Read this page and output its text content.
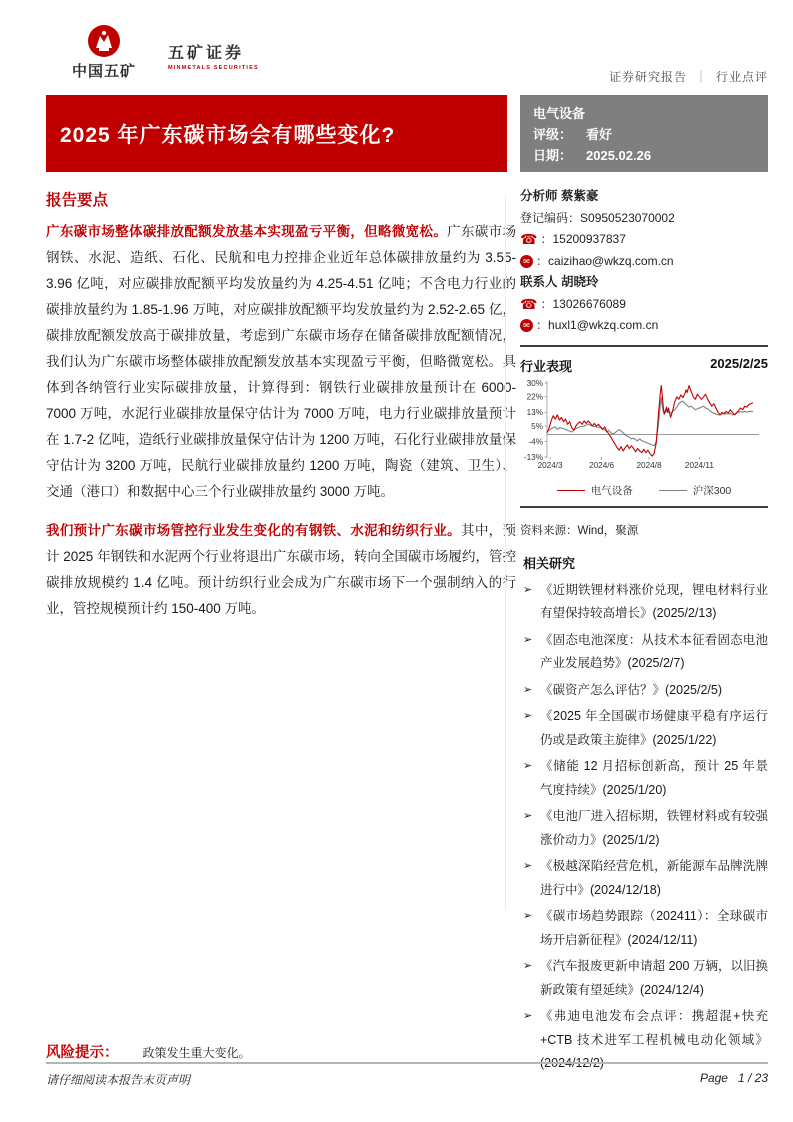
中国五矿
五矿证券
MINMETALS SECURITIES
证券研究报告 ｜ 行业点评
2025 年广东碳市场会有哪些变化?
电气设备
评级： 看好
日期： 2025.02.26
报告要点

广东碳市场整体碳排放配额发放基本实现盈亏平衡，但略微宽松。广东碳市场钢铁、水泥、造纸、石化、民航和电力控排企业近年总体碳排放量约为 3.55-3.96 亿吨，对应碳排放配额平均发放量约为 4.25-4.51 亿吨；不含电力行业的碳排放量约为 1.85-1.96 万吨，对应碳排放配额平均发放量约为 2.52-2.65 亿，碳排放配额发放高于碳排放量，考虑到广东碳市场存在储备碳排放配额情况，我们认为广东碳市场整体碳排放配额发放基本实现盈亏平衡，但略微宽松。具体到各纳管行业实际碳排放量，计算得到：钢铁行业碳排放量预计在 6000-7000 万吨，水泥行业碳排放量保守估计为 7000 万吨，电力行业碳排放量预计在 1.7-2 亿吨，造纸行业碳排放量保守估计为 1200 万吨，石化行业碳排放量保守估计为 3200 万吨，民航行业碳排放量约 1200 万吨，陶瓷（建筑、卫生）、交通（港口）和数据中心三个行业碳排放量约 3000 万吨。

我们预计广东碳市场管控行业发生变化的有钢铁、水泥和纺织行业。其中，预计 2025 年钢铁和水泥两个行业将退出广东碳市场，转向全国碳市场履约，管控碳排放规模约 1.4 亿吨。预计纺织行业会成为广东碳市场下一个强制纳入的行业，管控规模预计约 150-400 万吨。

分析师
蔡紫豪
登记编码： S0950523070002
☎ ： 15200937837
✉ ： caizihao@wkzq.com.cn
联系人
胡晓玲
☎ ： 13026676089
✉ ： huxl1@wkzq.com.cn
行业表现	2025/2/25
30%
22%
13%
5%
-4%
-13%
2024/3	2024/6	2024/8	2024/11
电气设备	沪深300
资料来源：Wind，聚源
相关研究
➢ 《近期铁锂材料涨价兑现，锂电材料行业有望保持较高增长》(2025/2/13)
➢ 《固态电池深度：从技术本征看固态电池产业发展趋势》(2025/2/7)
➢ 《碳资产怎么评估？》(2025/2/5)
➢ 《2025 年全国碳市场健康平稳有序运行仍或是政策主旋律》(2025/1/22)
➢ 《储能 12 月招标创新高，预计 25 年景气度持续》(2025/1/20)
➢ 《电池厂进入招标期，铁锂材料或有较强涨价动力》(2025/1/2)
➢ 《极越深陷经营危机，新能源车品牌洗牌进行中》(2024/12/18)
➢ 《碳市场趋势跟踪（202411）：全球碳市场开启新征程》(2024/12/11)
➢ 《汽车报废更新申请超 200 万辆，以旧换新政策有望延续》(2024/12/4)
➢ 《弗迪电池发布会点评：携超混+快充+CTB 技术进军工程机械电动化领域》(2024/12/2)
风险提示： 政策发生重大变化。
请仔细阅读本报告末页声明	Page 1 / 23
